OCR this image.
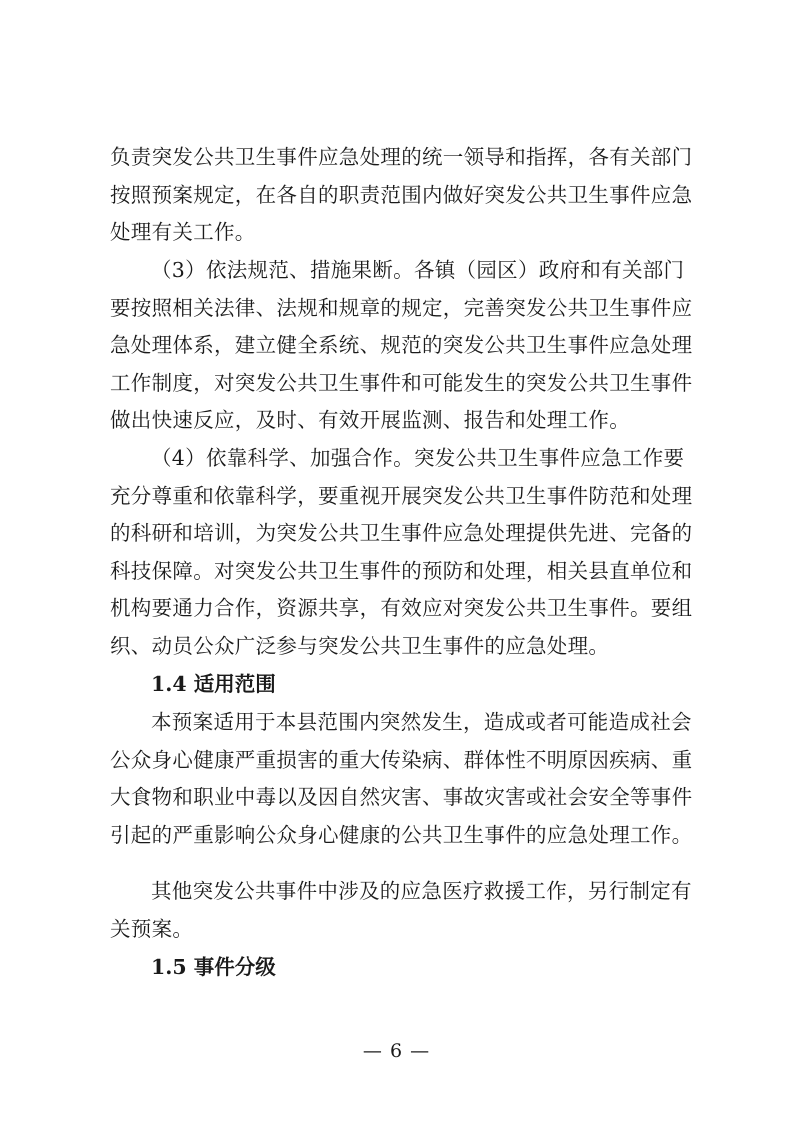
负责突发公共卫生事件应急处理的统一领导和指挥，各有关部门
按照预案规定，在各自的职责范围内做好突发公共卫生事件应急
处理有关工作。

（3）依法规范、措施果断。各镇（园区）政府和有关部门
要按照相关法律、法规和规章的规定，完善突发公共卫生事件应
急处理体系，建立健全系统、规范的突发公共卫生事件应急处理
工作制度，对突发公共卫生事件和可能发生的突发公共卫生事件
做出快速反应，及时、有效开展监测、报告和处理工作。

（4）依靠科学、加强合作。突发公共卫生事件应急工作要
充分尊重和依靠科学，要重视开展突发公共卫生事件防范和处理
的科研和培训，为突发公共卫生事件应急处理提供先进、完备的
科技保障。对突发公共卫生事件的预防和处理，相关县直单位和
机构要通力合作，资源共享，有效应对突发公共卫生事件。要组
织、动员公众广泛参与突发公共卫生事件的应急处理。

1.4 适用范围

本预案适用于本县范围内突然发生，造成或者可能造成社会
公众身心健康严重损害的重大传染病、群体性不明原因疾病、重
大食物和职业中毒以及因自然灾害、事故灾害或社会安全等事件
引起的严重影响公众身心健康的公共卫生事件的应急处理工作。

其他突发公共事件中涉及的应急医疗救援工作，另行制定有
关预案。

1.5 事件分级

— 6 —
